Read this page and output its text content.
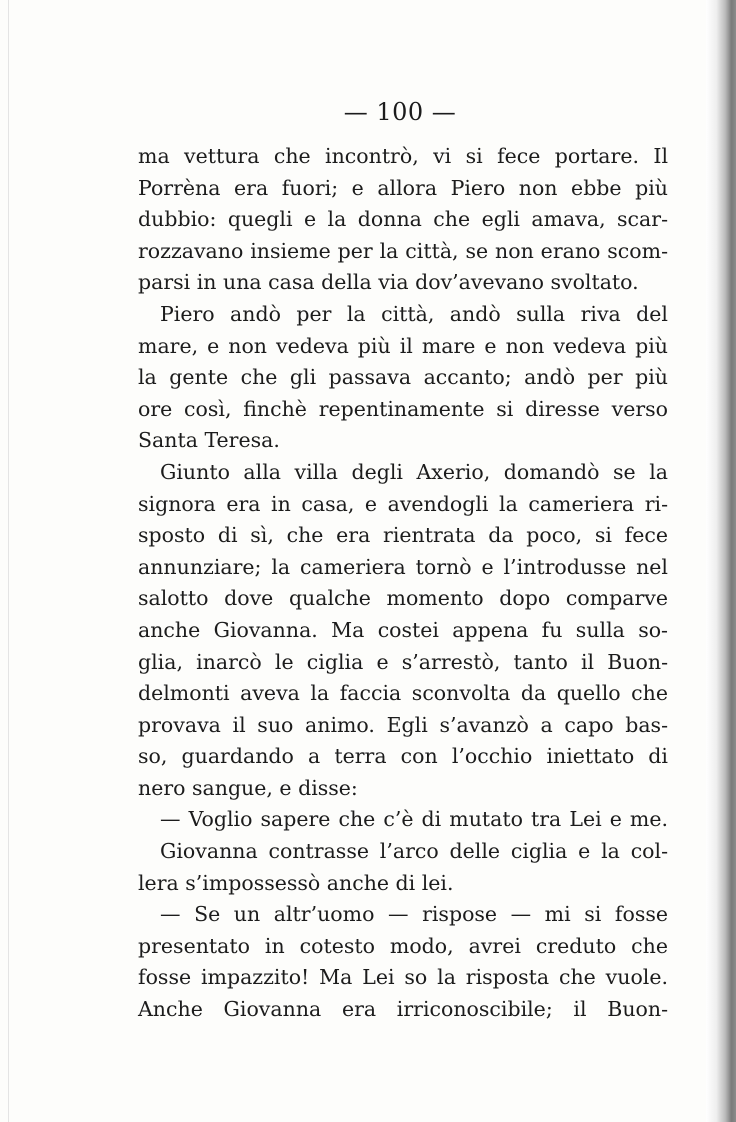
— 100 —
ma vettura che incontrò, vi si fece portare. Il
Porrèna era fuori; e allora Piero non ebbe più
dubbio: quegli e la donna che egli amava, scar-
rozzavano insieme per la città, se non erano scom-
parsi in una casa della via dov’avevano svoltato.
Piero andò per la città, andò sulla riva del
mare, e non vedeva più il mare e non vedeva più
la gente che gli passava accanto; andò per più
ore così, finchè repentinamente si diresse verso
Santa Teresa.
Giunto alla villa degli Axerio, domandò se la
signora era in casa, e avendogli la cameriera ri-
sposto di sì, che era rientrata da poco, si fece
annunziare; la cameriera tornò e l’introdusse nel
salotto dove qualche momento dopo comparve
anche Giovanna. Ma costei appena fu sulla so-
glia, inarcò le ciglia e s’arrestò, tanto il Buon-
delmonti aveva la faccia sconvolta da quello che
provava il suo animo. Egli s’avanzò a capo bas-
so, guardando a terra con l’occhio iniettato di
nero sangue, e disse:
— Voglio sapere che c’è di mutato tra Lei e me.
Giovanna contrasse l’arco delle ciglia e la col-
lera s’impossessò anche di lei.
— Se un altr’uomo — rispose — mi si fosse
presentato in cotesto modo, avrei creduto che
fosse impazzito! Ma Lei so la risposta che vuole.
Anche Giovanna era irriconoscibile; il Buon-
